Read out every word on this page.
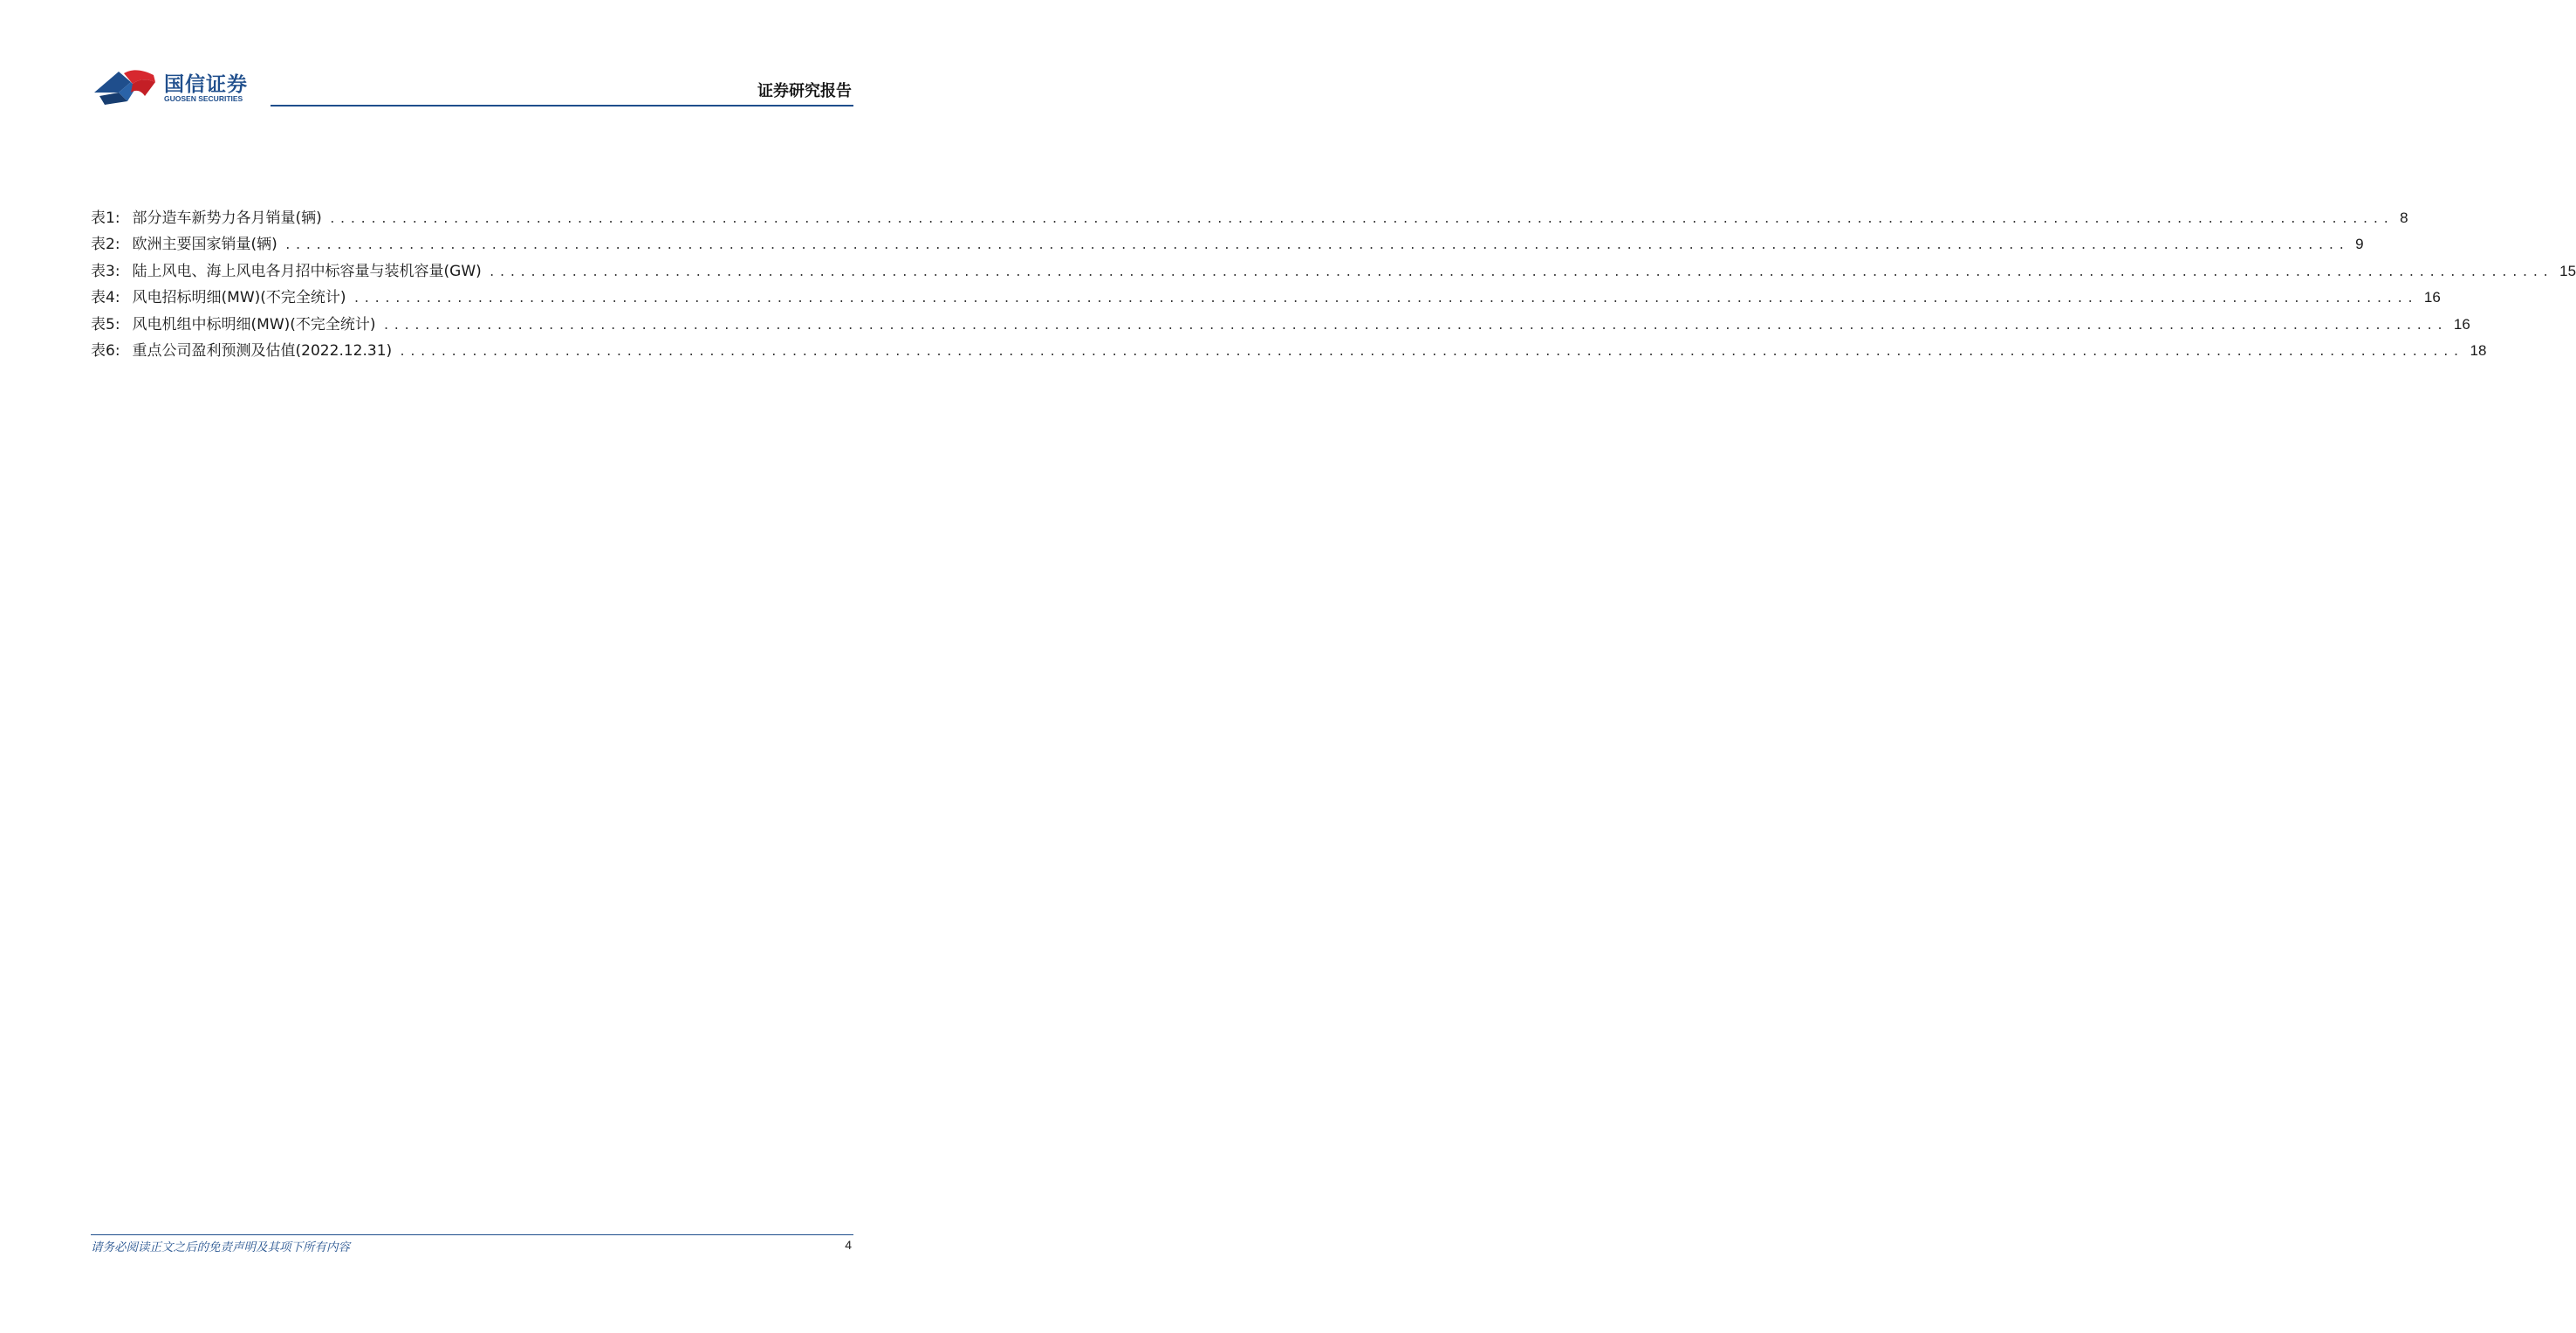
国信证券
GUOSEN SECURITIES	证券研究报告
表1: 部分造车新势力各月销量(辆) ........................................................................................................................................................................................................ 8
表2: 欧洲主要国家销量(辆) ........................................................................................................................................................................................................ 9
表3: 陆上风电、海上风电各月招中标容量与装机容量(GW) ........................................................................................................................................................................................................ 15
表4: 风电招标明细(MW)(不完全统计) ........................................................................................................................................................................................................ 16
表5: 风电机组中标明细(MW)(不完全统计) ........................................................................................................................................................................................................ 16
表6: 重点公司盈利预测及估值(2022.12.31) ........................................................................................................................................................................................................ 18
请务必阅读正文之后的免责声明及其项下所有内容	4
